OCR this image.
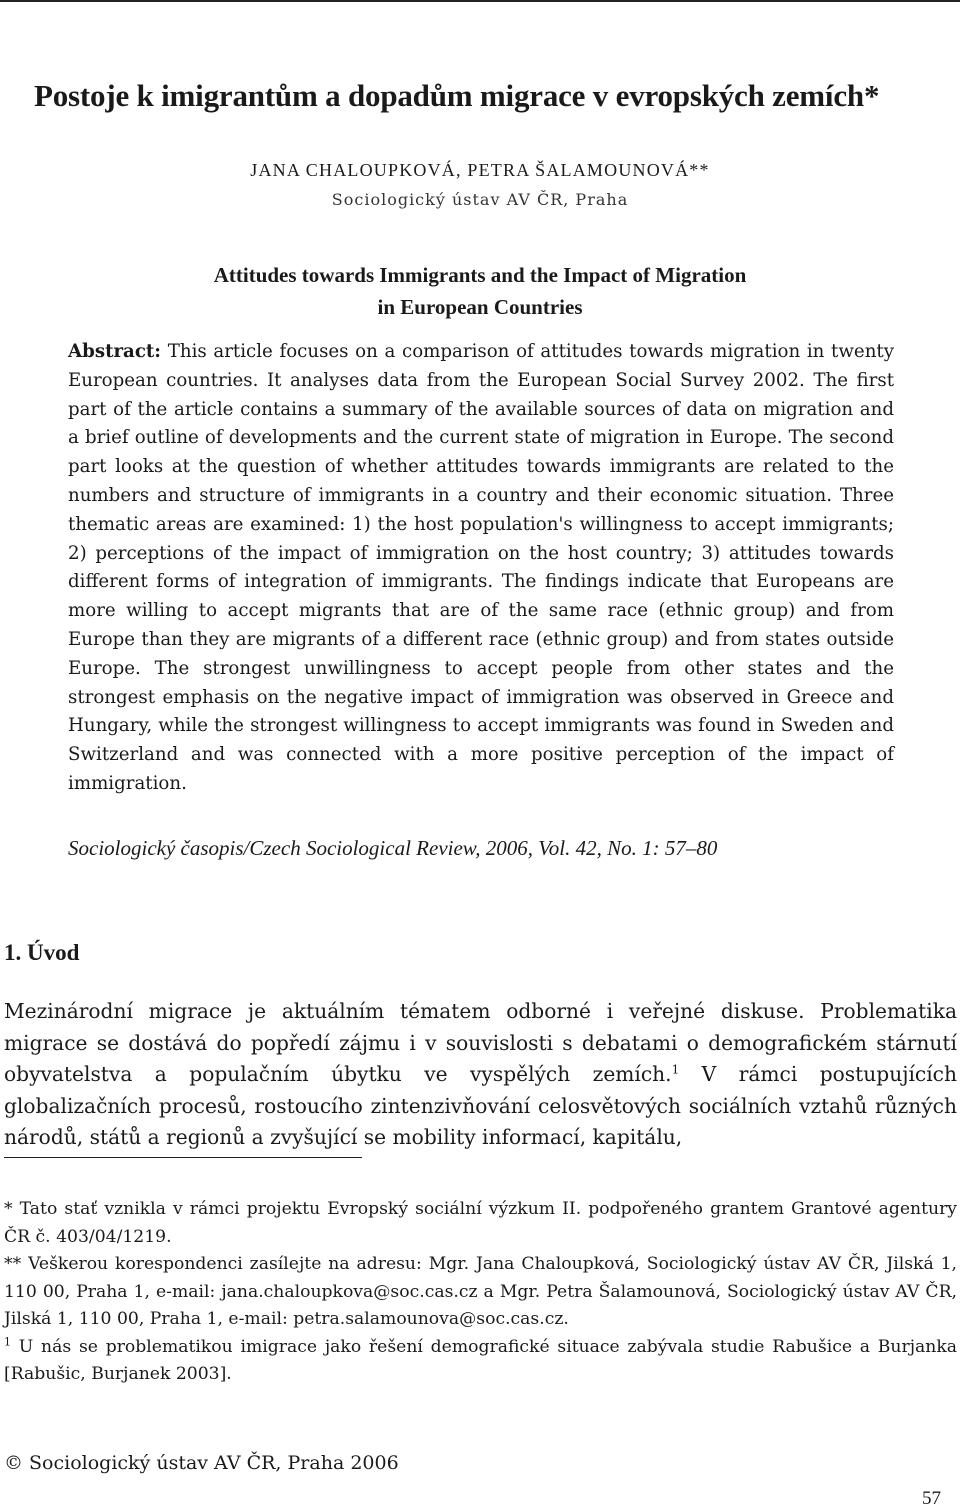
Postoje k imigrantům a dopadům migrace v evropských zemích*
JANA CHALOUPKOVÁ, PETRA ŠALAMOUNOVÁ**
Sociologický ústav AV ČR, Praha
Attitudes towards Immigrants and the Impact of Migration
in European Countries
Abstract: This article focuses on a comparison of attitudes towards migration in twenty European countries. It analyses data from the European Social Survey 2002. The first part of the article contains a summary of the available sources of data on migration and a brief outline of developments and the current state of migration in Europe. The second part looks at the question of whether attitudes towards immigrants are related to the numbers and structure of immigrants in a country and their economic situation. Three thematic areas are examined: 1) the host population's willingness to accept immigrants; 2) perceptions of the impact of immigration on the host country; 3) attitudes towards different forms of integration of immigrants. The findings indicate that Europeans are more willing to accept migrants that are of the same race (ethnic group) and from Europe than they are migrants of a different race (ethnic group) and from states outside Europe. The strongest unwillingness to accept people from other states and the strongest emphasis on the negative impact of immigration was observed in Greece and Hungary, while the strongest willingness to accept immigrants was found in Sweden and Switzerland and was connected with a more positive perception of the impact of immigration.
Sociologický časopis/Czech Sociological Review, 2006, Vol. 42, No. 1: 57–80
1. Úvod
Mezinárodní migrace je aktuálním tématem odborné i veřejné diskuse. Problematika migrace se dostává do popředí zájmu i v souvislosti s debatami o demografickém stárnutí obyvatelstva a populačním úbytku ve vyspělých zemích.$^1$ V rámci postupujících globalizačních procesů, rostoucího zintenzivňování celosvětových sociálních vztahů různých národů, států a regionů a zvyšující se mobility informací, kapitálu,

* Tato stať vznikla v rámci projektu Evropský sociální výzkum II. podpořeného grantem Grantové agentury ČR č. 403/04/1219.

** Veškerou korespondenci zasílejte na adresu: Mgr. Jana Chaloupková, Sociologický ústav AV ČR, Jilská 1, 110 00, Praha 1, e-mail: jana.chaloupkova@soc.cas.cz a Mgr. Petra Šalamounová, Sociologický ústav AV ČR, Jilská 1, 110 00, Praha 1, e-mail: petra.salamounova@soc.cas.cz.

$^1$ U nás se problematikou imigrace jako řešení demografické situace zabývala studie Rabušice a Burjanka [Rabušic, Burjanek 2003].

© Sociologický ústav AV ČR, Praha 2006
57
